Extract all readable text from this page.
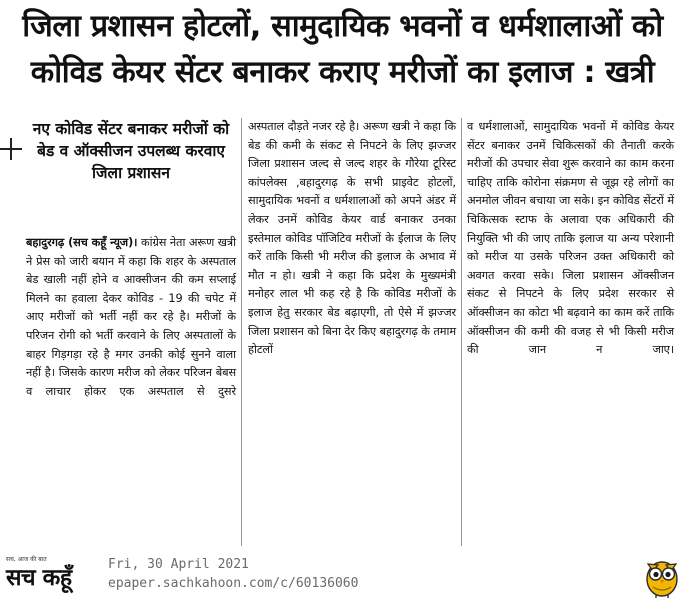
जिला प्रशासन होटलों, सामुदायिक भवनों व धर्मशालाओं को
कोविड केयर सेंटर बनाकर कराए मरीजों का इलाज : खत्री
नए कोविड सेंटर बनाकर मरीजों को बेड व ऑक्सीजन उपलब्ध करवाए जिला प्रशासन

बहादुरगढ़ (सच कहूँ न्यूज)। कांग्रेस नेता अरूण खत्री ने प्रेस को जारी बयान में कहा कि शहर के अस्पताल बेड खाली नहीं होने व आक्सीजन की कम सप्लाई मिलने का हवाला देकर कोविड - 19 की चपेट में आए मरीजों को भर्ती नहीं कर रहे है। मरीजों के परिजन रोगी को भर्ती करवाने के लिए अस्पतालों के बाहर गिड़गड़ा रहे है मगर उनकी कोई सुनने वाला नहीं है। जिसके कारण मरीज को लेकर परिजन बेबस व लाचार होकर एक अस्पताल से दुसरे

अस्पताल दौड़ते नजर रहे है। अरूण खत्री ने कहा कि बेड की कमी के संकट से निपटने के लिए झज्जर जिला प्रशासन जल्द से जल्द शहर के गौरेया टूरिस्ट कांपलेक्स ,बहादुरगढ़ के सभी प्राइवेट होटलों, सामुदायिक भवनों व धर्मशालाओं को अपने अंडर में लेकर उनमें कोविड केयर वार्ड बनाकर उनका इस्तेमाल कोविड पॉजिटिव मरीजों के ईलाज के लिए करें ताकि किसी भी मरीज की इलाज के अभाव में मौत न हो। खत्री ने कहा कि प्रदेश के मुख्यमंत्री मनोहर लाल भी कह रहे है कि कोविड मरीजों के इलाज हेतु सरकार बेड बढ़ाएगी, तो ऐसे में झज्जर जिला प्रशासन को बिना देर किए बहादुरगढ़ के तमाम होटलों

व धर्मशालाओं, सामुदायिक भवनों में कोविड केयर सेंटर बनाकर उनमें चिकित्सकों की तैनाती करके मरीजों की उपचार सेवा शुरू करवाने का काम करना चाहिए ताकि कोरोना संक्रमण से जूझ रहे लोगों का अनमोल जीवन बचाया जा सके। इन कोविड सेंटरों में चिकित्सक स्टाफ के अलावा एक अधिकारी की नियुक्ति भी की जाए ताकि इलाज या अन्य परेशानी को मरीज या उसके परिजन उक्त अधिकारी को अवगत करवा सके। जिला प्रशासन ऑक्सीजन संकट से निपटने के लिए प्रदेश सरकार से ऑक्सीजन का कोटा भी बढ़वाने का काम करें ताकि ऑक्सीजन की कमी की वजह से भी किसी मरीज की जान न जाए।

सच, आज की बात
सच कहूँ
Fri, 30 April 2021
epaper.sachkahoon.com/c/60136060
